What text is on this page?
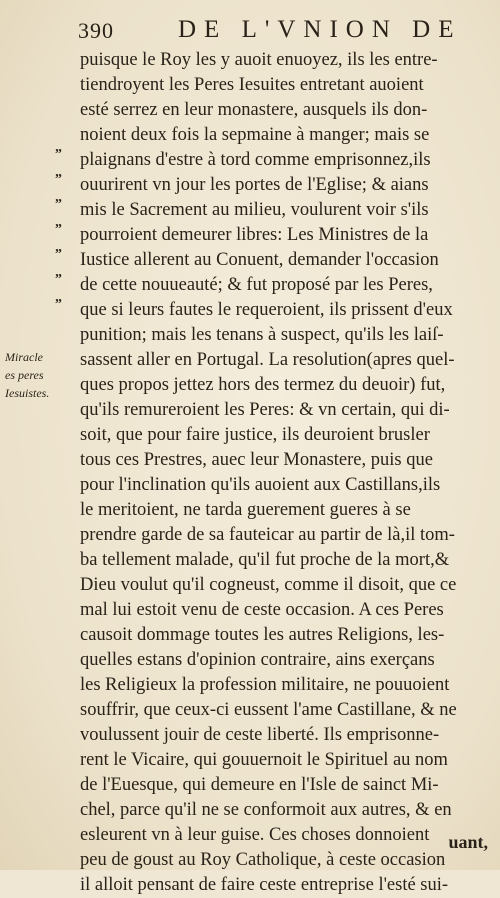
390	DE L'VNION DE
„
„
„
„
„
„
„
Miracle
es peres
Iesuistes.
puisque le Roy les y auoit enuoyez, ils les entre-
tiendroyent les Peres Iesuites entretant auoient
esté serrez en leur monastere, ausquels ils don-
noient deux fois la sepmaine à manger; mais se
plaignans d'estre à tord comme emprisonnez,ils
ouurirent vn jour les portes de l'Eglise; & aians
mis le Sacrement au milieu, voulurent voir s'ils
pourroient demeurer libres: Les Ministres de la
Iustice allerent au Conuent, demander l'occasion
de cette nouueauté; & fut proposé par les Peres,
que si leurs fautes le requeroient, ils prissent d'eux
punition; mais les tenans à suspect, qu'ils les laiſ-
sassent aller en Portugal. La resolution(apres quel-
ques propos jettez hors des termez du deuoir) fut,
qu'ils remureroient les Peres: & vn certain, qui di-
soit, que pour faire justice, ils deuroient brusler
tous ces Prestres, auec leur Monastere, puis que
pour l'inclination qu'ils auoient aux Castillans,ils
le meritoient, ne tarda guerement gueres à se
prendre garde de sa fauteicar au partir de là,il tom-
ba tellement malade, qu'il fut proche de la mort,&
Dieu voulut qu'il cogneust, comme il disoit, que ce
mal lui estoit venu de ceste occasion. A ces Peres
causoit dommage toutes les autres Religions, les-
quelles estans d'opinion contraire, ains exerçans
les Religieux la profession militaire, ne pouuoient
souffrir, que ceux-ci eussent l'ame Castillane, & ne
voulussent jouir de ceste liberté. Ils emprisonne-
rent le Vicaire, qui gouuernoit le Spirituel au nom
de l'Euesque, qui demeure en l'Isle de sainct Mi-
chel, parce qu'il ne se conformoit aux autres, & en
esleurent vn à leur guise. Ces choses donnoient
peu de goust au Roy Catholique, à ceste occasion
il alloit pensant de faire ceste entreprise l'esté sui-
uant,
